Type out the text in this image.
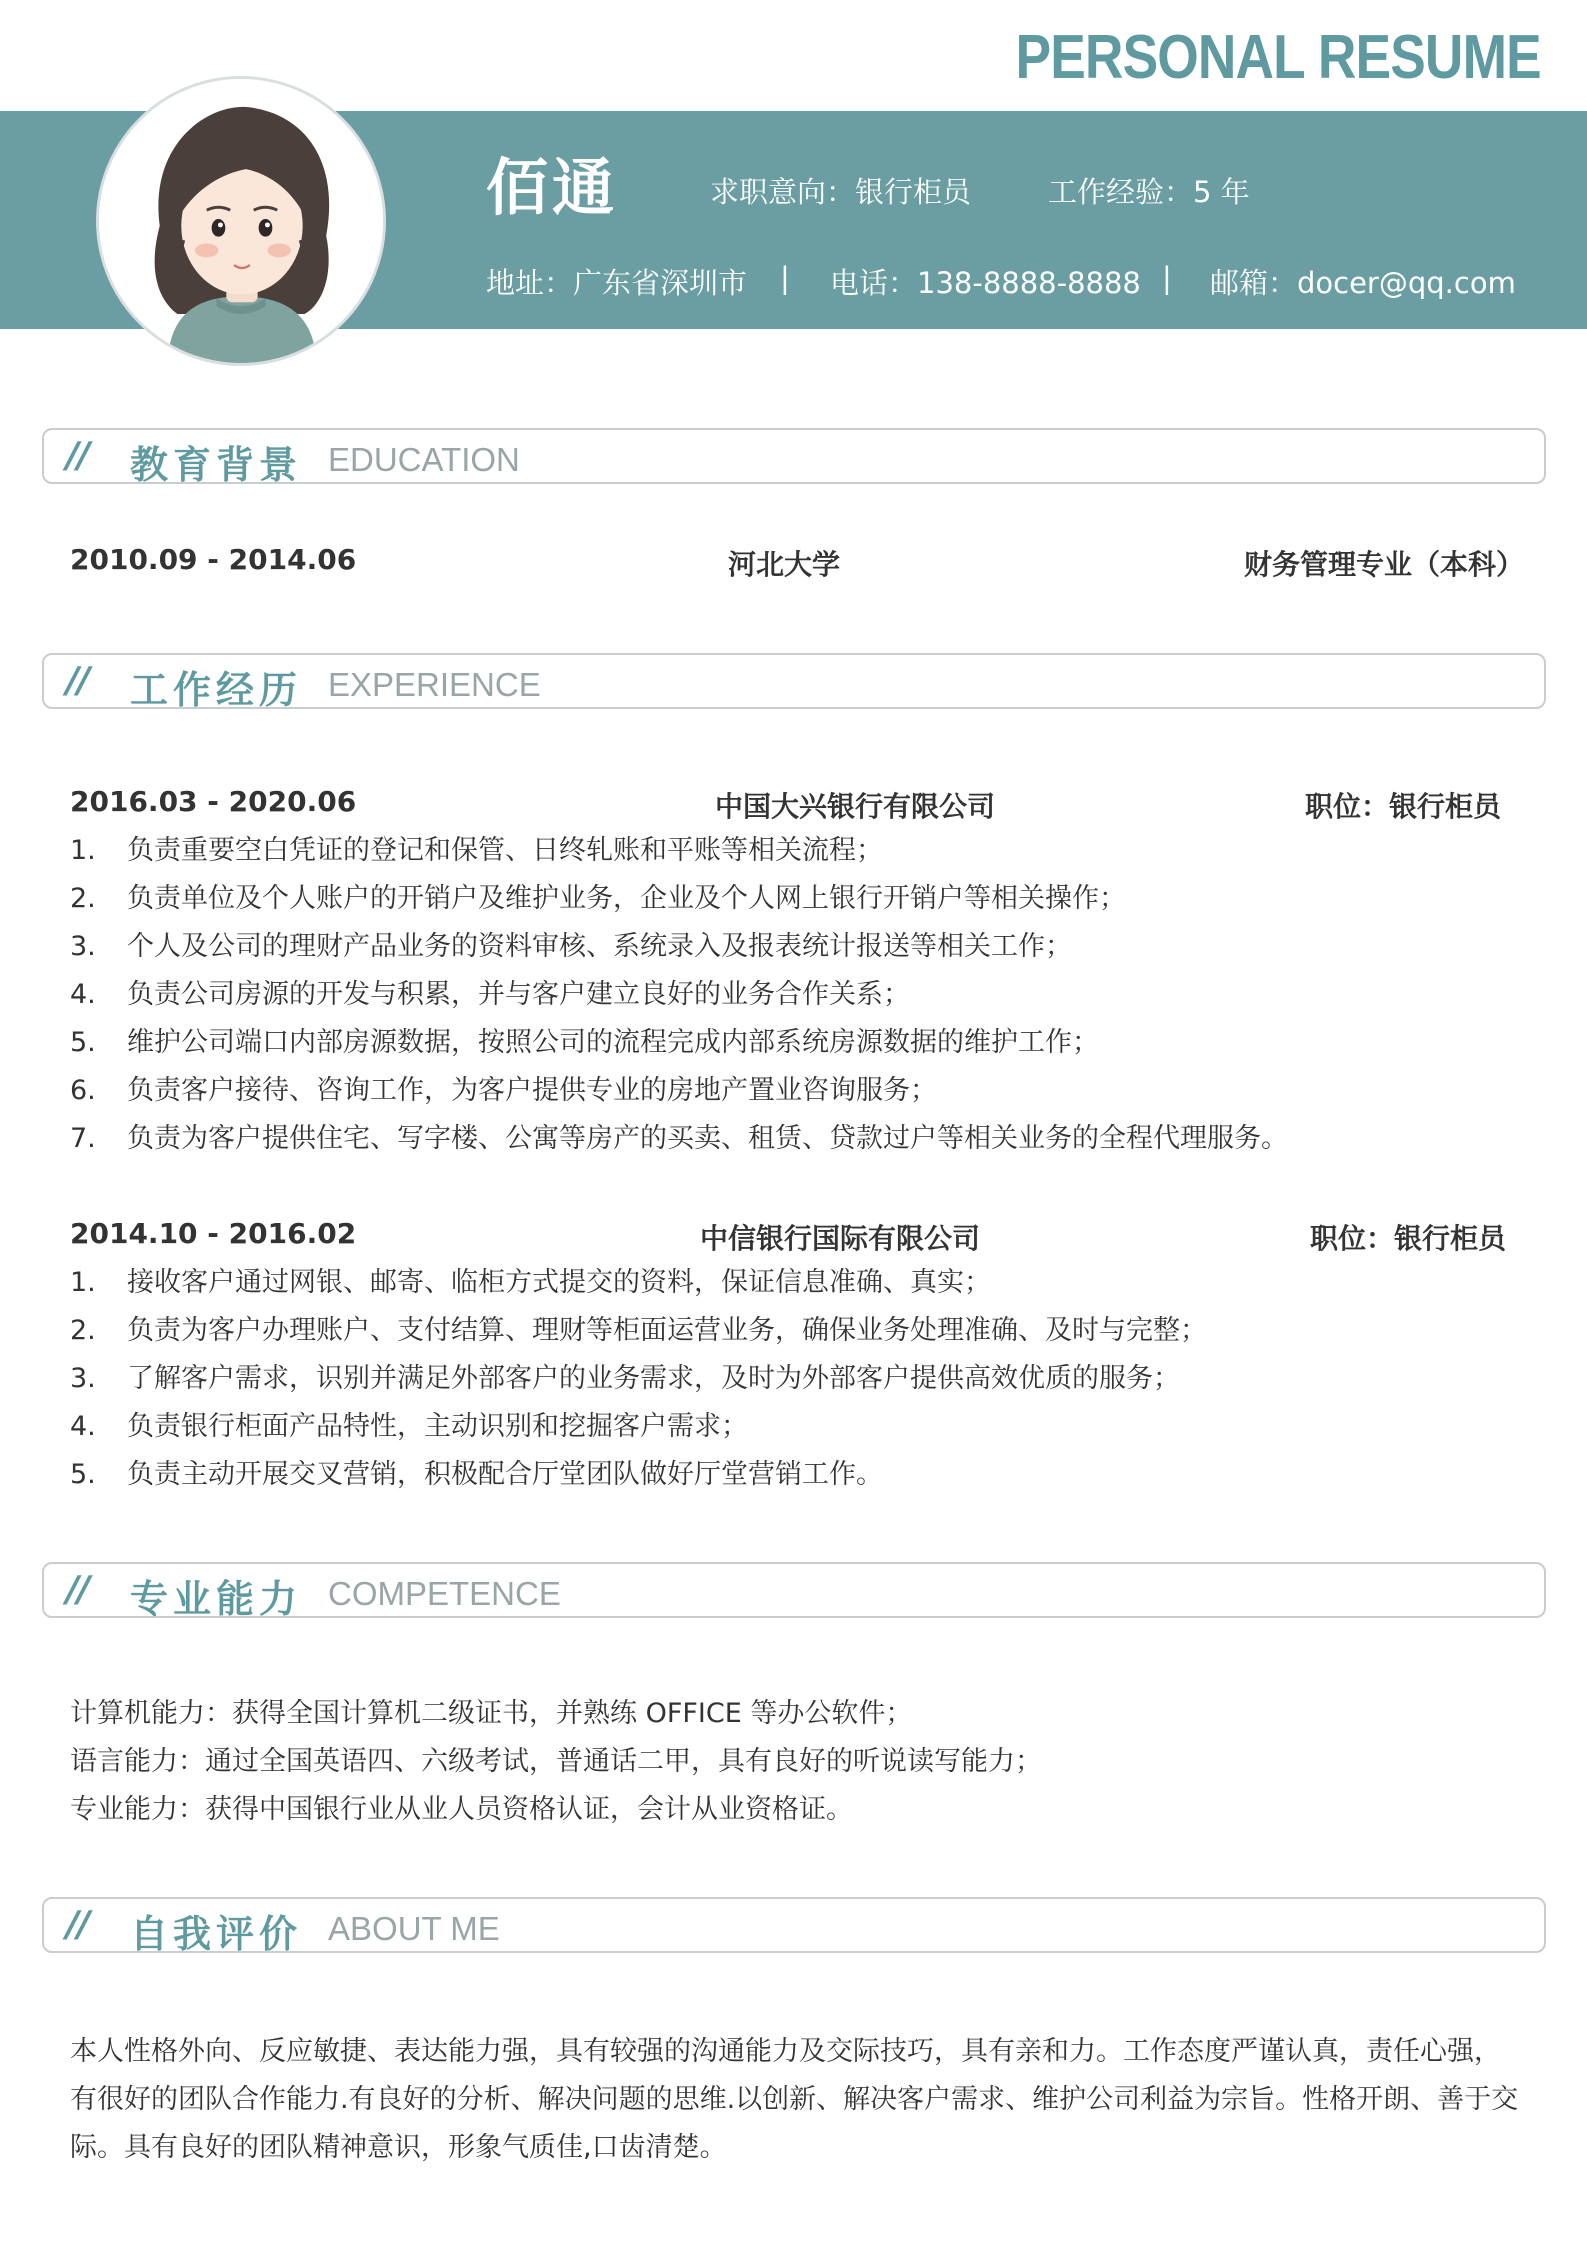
PERSONAL RESUME
佰通	求职意向：银行柜员	工作经验：5 年
地址：广东省深圳市 | 电话：138-8888-8888 | 邮箱：docer@qq.com
// 教育背景 EDUCATION
2010.09 - 2014.06	河北大学	财务管理专业（本科）
// 工作经历 EXPERIENCE
2016.03 - 2020.06	中国大兴银行有限公司	职位：银行柜员
1. 负责重要空白凭证的登记和保管、日终轧账和平账等相关流程；
2. 负责单位及个人账户的开销户及维护业务，企业及个人网上银行开销户等相关操作；
3. 个人及公司的理财产品业务的资料审核、系统录入及报表统计报送等相关工作；
4. 负责公司房源的开发与积累，并与客户建立良好的业务合作关系；
5. 维护公司端口内部房源数据，按照公司的流程完成内部系统房源数据的维护工作；
6. 负责客户接待、咨询工作，为客户提供专业的房地产置业咨询服务；
7. 负责为客户提供住宅、写字楼、公寓等房产的买卖、租赁、贷款过户等相关业务的全程代理服务。
2014.10 - 2016.02	中信银行国际有限公司	职位：银行柜员
1. 接收客户通过网银、邮寄、临柜方式提交的资料，保证信息准确、真实；
2. 负责为客户办理账户、支付结算、理财等柜面运营业务，确保业务处理准确、及时与完整；
3. 了解客户需求，识别并满足外部客户的业务需求，及时为外部客户提供高效优质的服务；
4. 负责银行柜面产品特性，主动识别和挖掘客户需求；
5. 负责主动开展交叉营销，积极配合厅堂团队做好厅堂营销工作。
// 专业能力 COMPETENCE
计算机能力：获得全国计算机二级证书，并熟练 OFFICE 等办公软件；
语言能力：通过全国英语四、六级考试，普通话二甲，具有良好的听说读写能力；
专业能力：获得中国银行业从业人员资格认证，会计从业资格证。
// 自我评价 ABOUT ME
本人性格外向、反应敏捷、表达能力强，具有较强的沟通能力及交际技巧，具有亲和力。工作态度严谨认真，责任心强，有很好的团队合作能力.有良好的分析、解决问题的思维.以创新、解决客户需求、维护公司利益为宗旨。性格开朗、善于交际。具有良好的团队精神意识，形象气质佳,口齿清楚。
